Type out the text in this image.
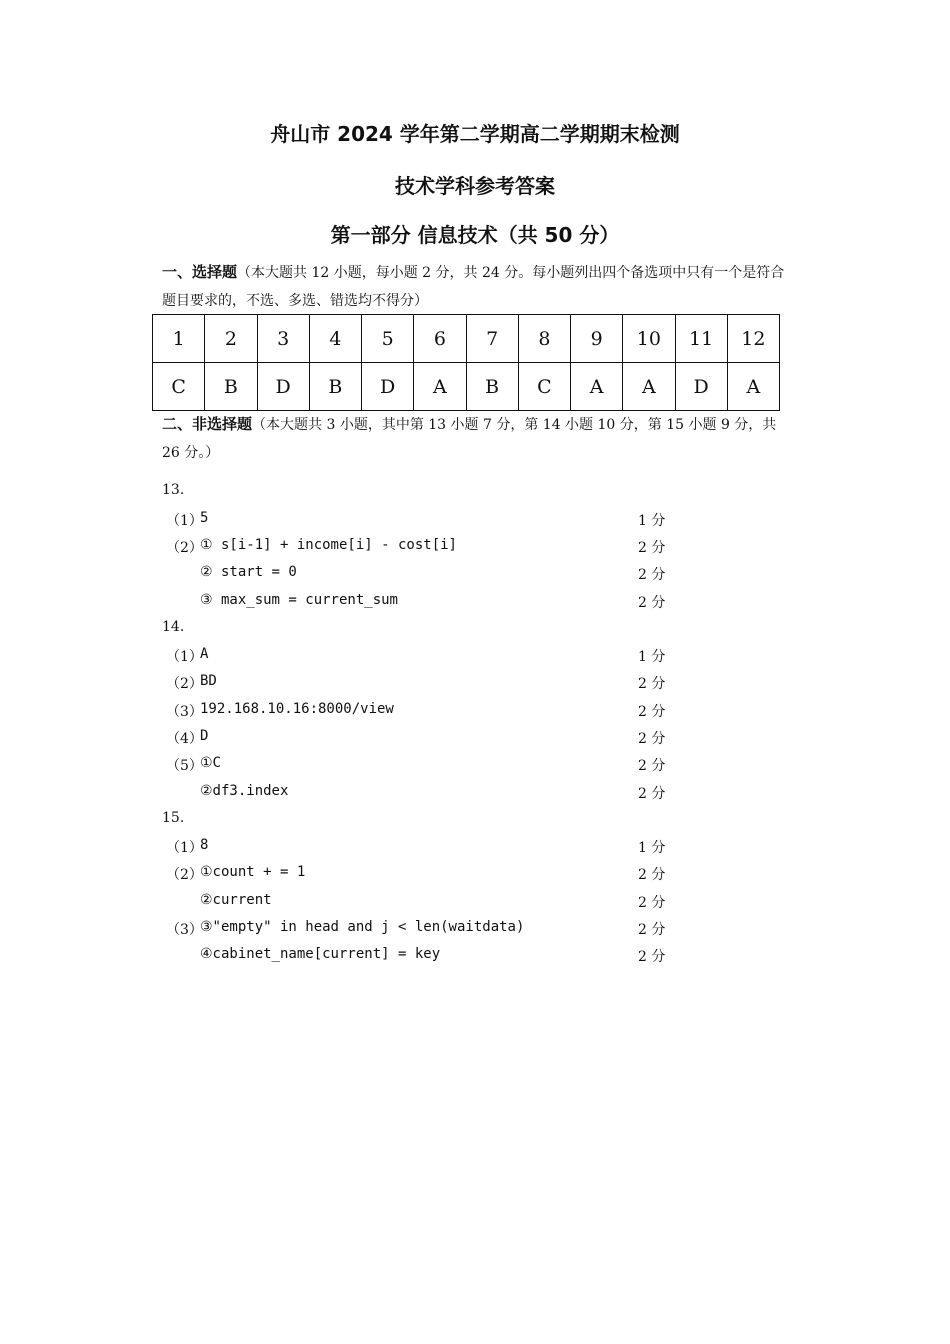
舟山市 2024 学年第二学期高二学期期末检测
技术学科参考答案
第一部分 信息技术（共 50 分）
一、选择题（本大题共 12 小题，每小题 2 分，共 24 分。每小题列出四个备选项中只有一个是符合题目要求的，不选、多选、错选均不得分）
1	2	3	4	5	6	7	8	9	10	11	12
C	B	D	B	D	A	B	C	A	A	D	A
二、非选择题（本大题共 3 小题，其中第 13 小题 7 分，第 14 小题 10 分，第 15 小题 9 分，共 26 分。）
13.
（1）
5	1 分
（2）
① s[i-1] + income[i] - cost[i]	2 分
② start = 0	2 分
③ max_sum = current_sum	2 分
14.
（1）
A	1 分
（2）
BD	2 分
（3）
192.168.10.16:8000/view	2 分
（4）
D	2 分
（5）
①C	2 分
②df3.index	2 分
15.
（1）
8	1 分
（2）
①count + = 1	2 分
②current	2 分
（3）
③"empty" in head and j < len(waitdata)	2 分
④cabinet_name[current] = key	2 分
